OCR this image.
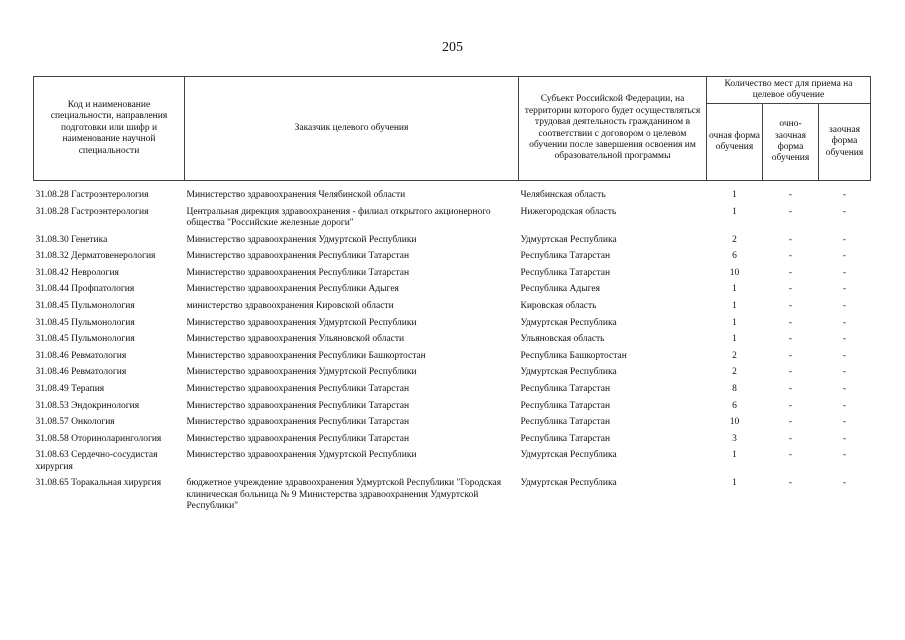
205
Код и наименование специальности, направления подготовки или шифр и наименование научной специальности	Заказчик целевого обучения	Субъект Российской Федерации, на территории которого будет осуществляться трудовая деятельность гражданином в соответствии с договором о целевом обучении после завершения освоения им образовательной программы	Количество мест для приема на целевое обучение		
			очная форма обучения	очно-заочная форма обучения	заочная форма обучения

31.08.28 Гастроэнтерология	Министерство здравоохранения Челябинской области	Челябинская область	1	-	-
31.08.28 Гастроэнтерология	Центральная дирекция здравоохранения - филиал открытого акционерного общества "Российские железные дороги"	Нижегородская область	1	-	-
31.08.30 Генетика	Министерство здравоохранения Удмуртской Республики	Удмуртская Республика	2	-	-
31.08.32 Дерматовенерология	Министерство здравоохранения Республики Татарстан	Республика Татарстан	6	-	-
31.08.42 Неврология	Министерство здравоохранения Республики Татарстан	Республика Татарстан	10	-	-
31.08.44 Профпатология	Министерство здравоохранения Республики Адыгея	Республика Адыгея	1	-	-
31.08.45 Пульмонология	министерство здравоохранения Кировской области	Кировская область	1	-	-
31.08.45 Пульмонология	Министерство здравоохранения Удмуртской Республики	Удмуртская Республика	1	-	-
31.08.45 Пульмонология	Министерство здравоохранения Ульяновской области	Ульяновская область	1	-	-
31.08.46 Ревматология	Министерство здравоохранения Республики Башкортостан	Республика Башкортостан	2	-	-
31.08.46 Ревматология	Министерство здравоохранения Удмуртской Республики	Удмуртская Республика	2	-	-
31.08.49 Терапия	Министерство здравоохранения Республики Татарстан	Республика Татарстан	8	-	-
31.08.53 Эндокринология	Министерство здравоохранения Республики Татарстан	Республика Татарстан	6	-	-
31.08.57 Онкология	Министерство здравоохранения Республики Татарстан	Республика Татарстан	10	-	-
31.08.58 Оториноларингология	Министерство здравоохранения Республики Татарстан	Республика Татарстан	3	-	-
31.08.63 Сердечно-сосудистая хирургия	Министерство здравоохранения Удмуртской Республики	Удмуртская Республика	1	-	-
31.08.65 Торакальная хирургия	бюджетное учреждение здравоохранения Удмуртской Республики "Городская клиническая больница № 9 Министерства здравоохранения Удмуртской Республики"	Удмуртская Республика	1	-	-
